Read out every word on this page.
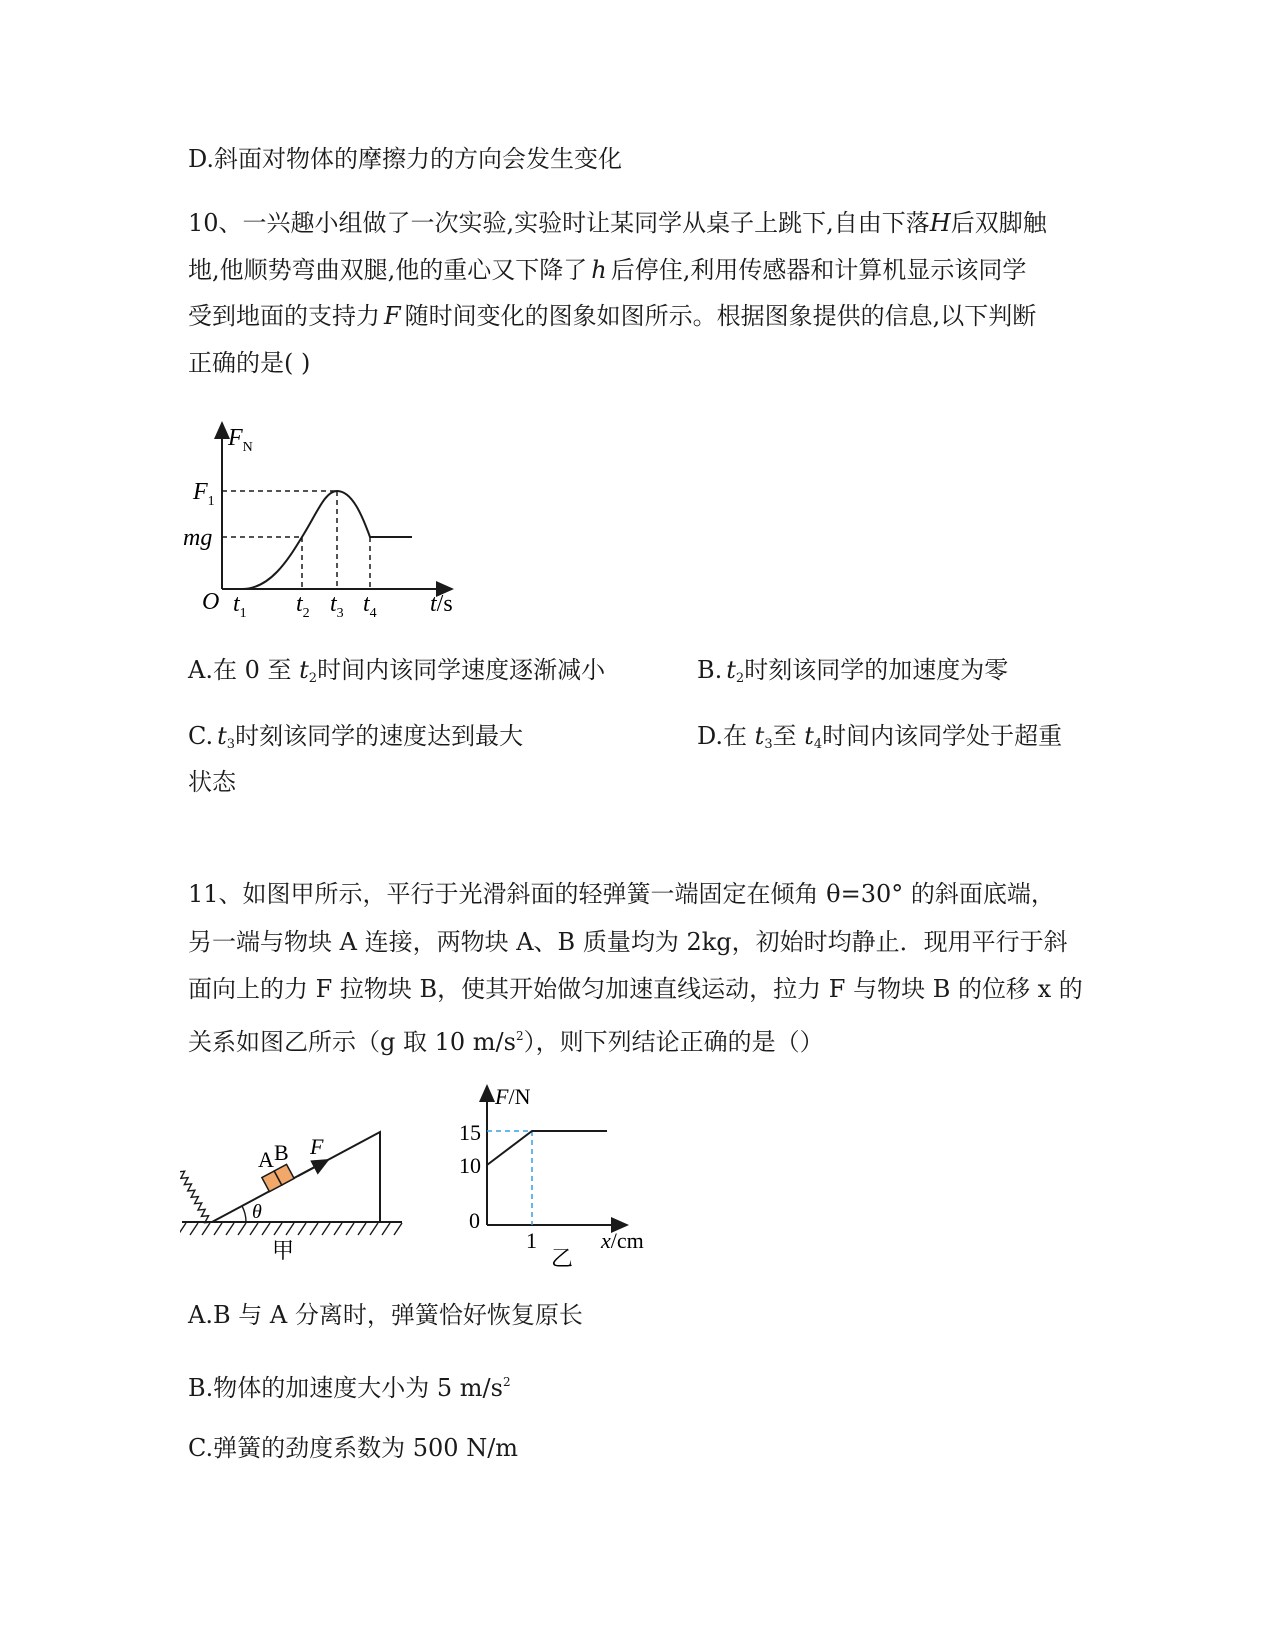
D.斜面对物体的摩擦力的方向会发生变化
10、一兴趣小组做了一次实验,实验时让某同学从桌子上跳下,自由下落H后双脚触
地,他顺势弯曲双腿,他的重心又下降了 h 后停住,利用传感器和计算机显示该同学
受到地面的支持力 F 随时间变化的图象如图所示。根据图象提供的信息,以下判断
正确的是( )
$F_N$
$F_1$
mg
O $t_1$ $t_2$ $t_3$ $t_4$ t/s
A.在 0 至 $t_2$时间内该同学速度逐渐减小	B. $t_2$时刻该同学的加速度为零
C. $t_3$时刻该同学的速度达到最大	D.在 $t_3$至 $t_4$时间内该同学处于超重
状态
11、如图甲所示，平行于光滑斜面的轻弹簧一端固定在倾角 θ=30° 的斜面底端，
另一端与物块 A 连接，两物块 A、B 质量均为 2kg，初始时均静止．现用平行于斜
面向上的力 F 拉物块 B，使其开始做匀加速直线运动，拉力 F 与物块 B 的位移 x 的
关系如图乙所示（g 取 10 $m/s^2$），则下列结论正确的是（）
A B F
θ
甲
F/N
15
10
0
1	x/cm
乙
A.B 与 A 分离时，弹簧恰好恢复原长
B.物体的加速度大小为 5 $m/s^2$
C.弹簧的劲度系数为 500 N/m
